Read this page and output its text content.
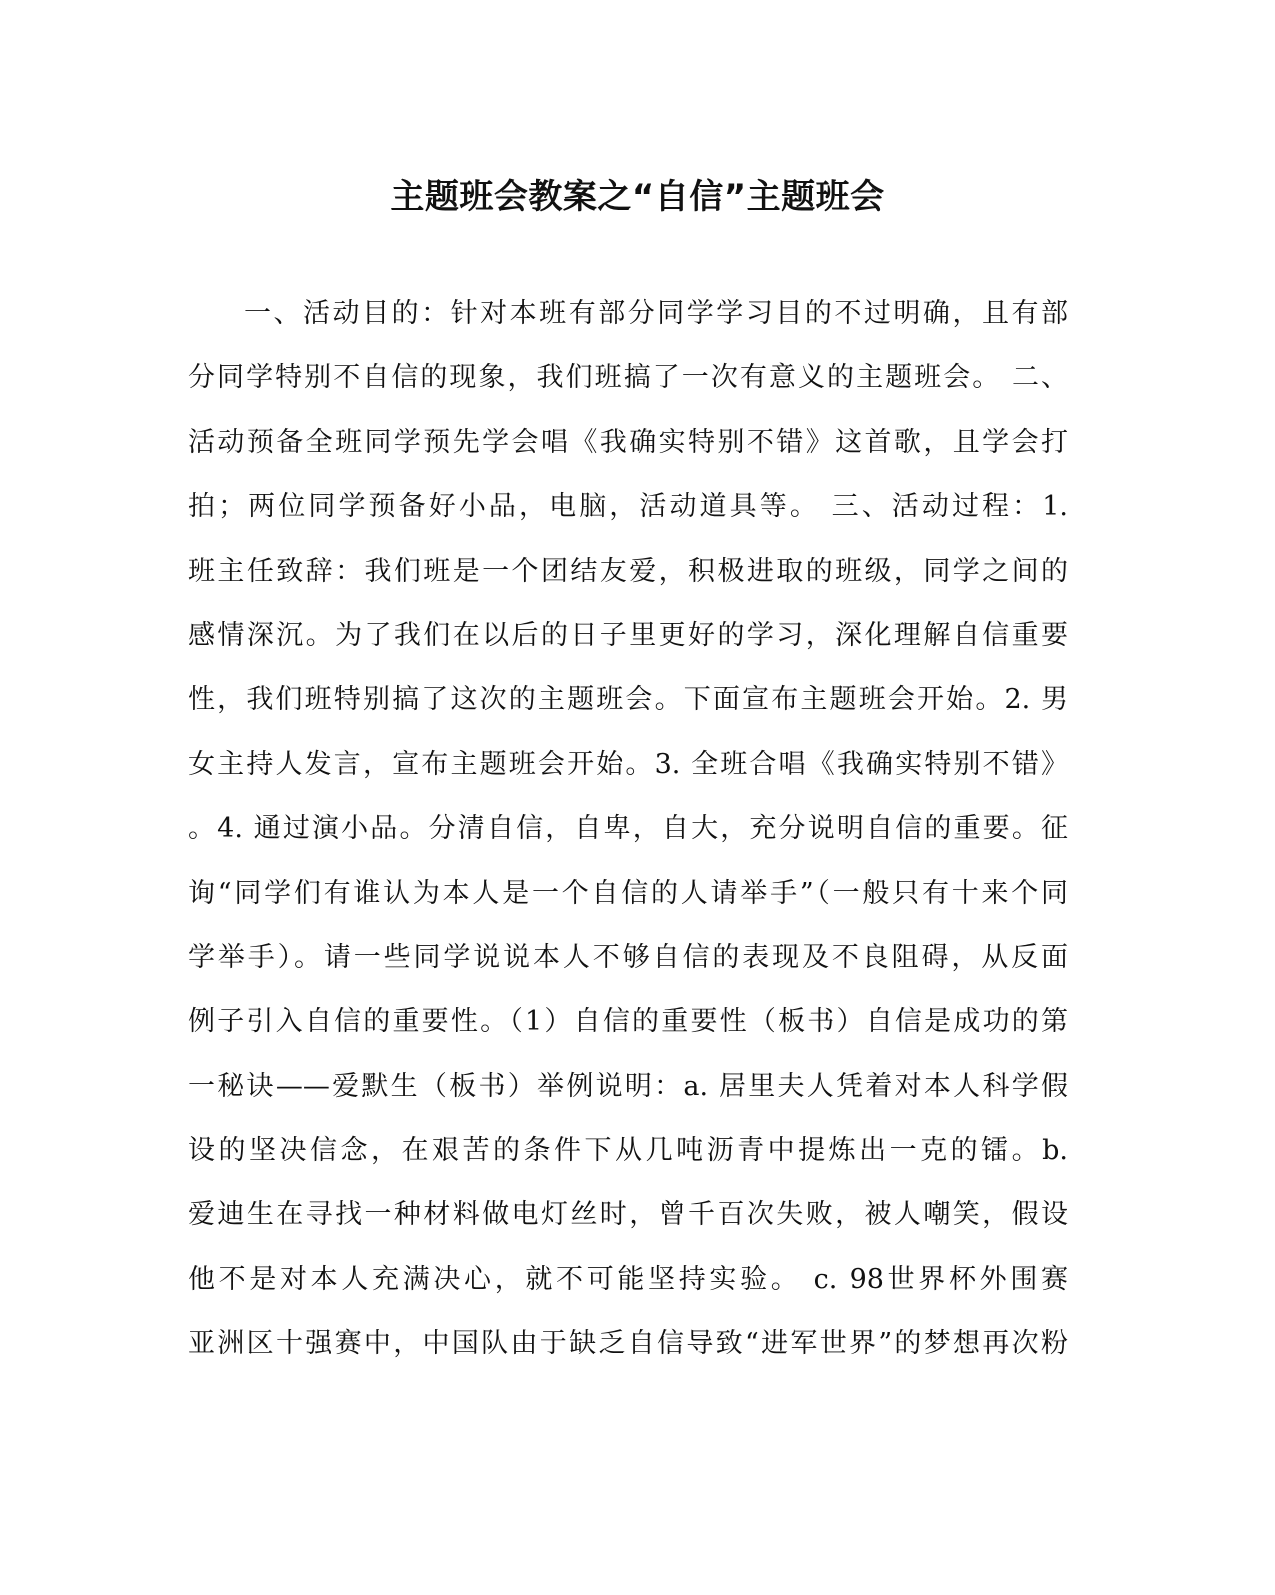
主题班会教案之“自信”主题班会
一、活动目的：针对本班有部分同学学习目的不过明确，且有部
分同学特别不自信的现象，我们班搞了一次有意义的主题班会。 二、
活动预备全班同学预先学会唱《我确实特别不错》这首歌，且学会打
拍；两位同学预备好小品，电脑，活动道具等。 三、活动过程：1.
班主任致辞：我们班是一个团结友爱，积极进取的班级，同学之间的
感情深沉。为了我们在以后的日子里更好的学习，深化理解自信重要
性，我们班特别搞了这次的主题班会。下面宣布主题班会开始。2. 男
女主持人发言，宣布主题班会开始。3. 全班合唱《我确实特别不错》
。4. 通过演小品。分清自信，自卑，自大，充分说明自信的重要。征
询“同学们有谁认为本人是一个自信的人请举手”（一般只有十来个同
学举手）。请一些同学说说本人不够自信的表现及不良阻碍，从反面
例子引入自信的重要性。（1）自信的重要性（板书）自信是成功的第
一秘诀——爱默生（板书）举例说明：a. 居里夫人凭着对本人科学假
设的坚决信念，在艰苦的条件下从几吨沥青中提炼出一克的镭。b.
爱迪生在寻找一种材料做电灯丝时，曾千百次失败，被人嘲笑，假设
他不是对本人充满决心，就不可能坚持实验。 c. 98世界杯外围赛
亚洲区十强赛中，中国队由于缺乏自信导致“进军世界”的梦想再次粉
